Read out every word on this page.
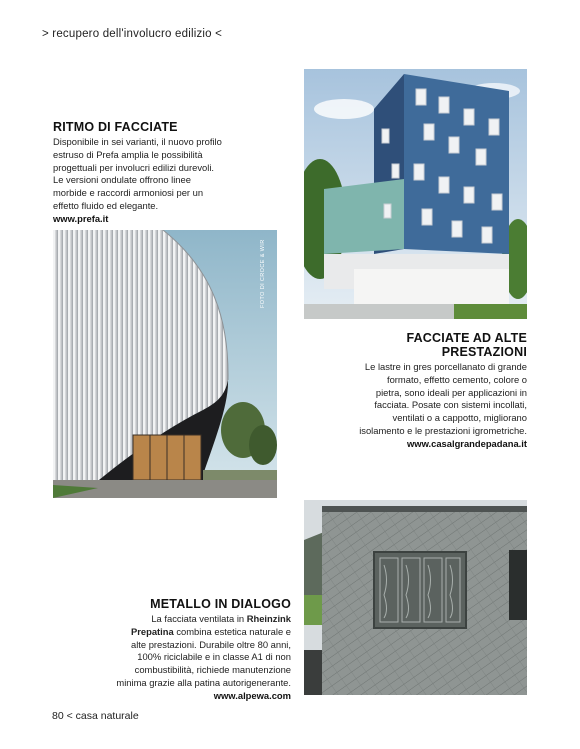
> recupero dell'involucro edilizio <
RITMO DI FACCIATE
Disponibile in sei varianti, il nuovo profilo
estruso di Prefa amplia le possibilità
progettuali per involucri edilizi durevoli.
Le versioni ondulate offrono linee
morbide e raccordi armoniosi per un
effetto fluido ed elegante.
www.prefa.it
FOTO DI CROCE & WIR
FACCIATE AD ALTE
PRESTAZIONI
Le lastre in gres porcellanato di grande
formato, effetto cemento, colore o
pietra, sono ideali per applicazioni in
facciata. Posate con sistemi incollati,
ventilati o a cappotto, migliorano
isolamento e le prestazioni igrometriche.
www.casalgrandepadana.it
METALLO IN DIALOGO
La facciata ventilata in Rheinzink
Prepatina combina estetica naturale e
alte prestazioni. Durabile oltre 80 anni,
100% riciclabile e in classe A1 di non
combustibilità, richiede manutenzione
minima grazie alla patina autorigenerante.
www.alpewa.com
80 < casa naturale
